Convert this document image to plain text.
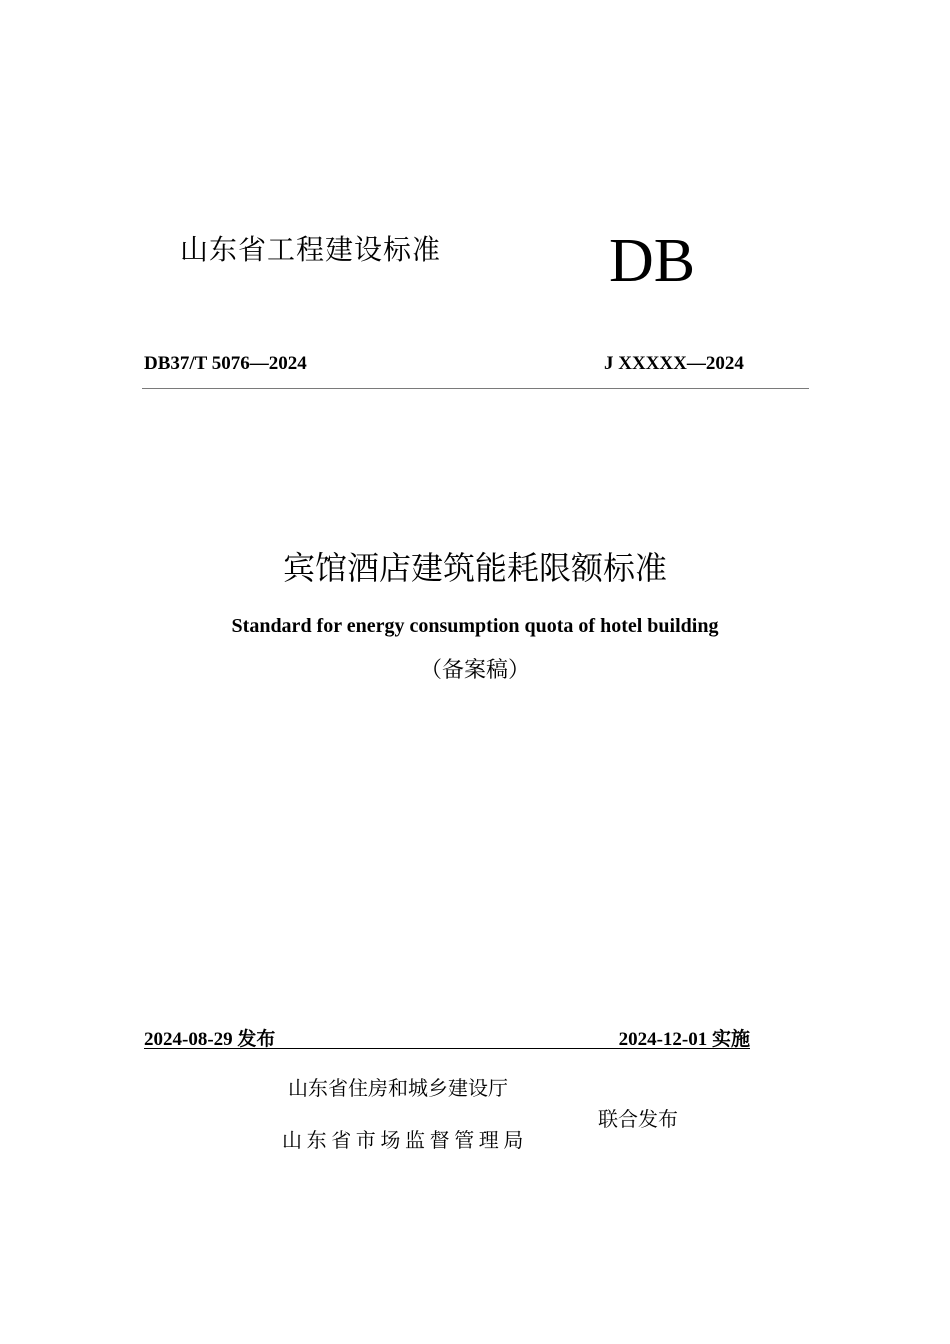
山东省工程建设标准	DB
DB37/T 5076—2024	J XXXXX—2024
宾馆酒店建筑能耗限额标准
Standard for energy consumption quota of hotel building
（备案稿）
2024-08-29 发布	2024-12-01 实施
山东省住房和城乡建设厅
山东省市场监督管理局
联合发布
